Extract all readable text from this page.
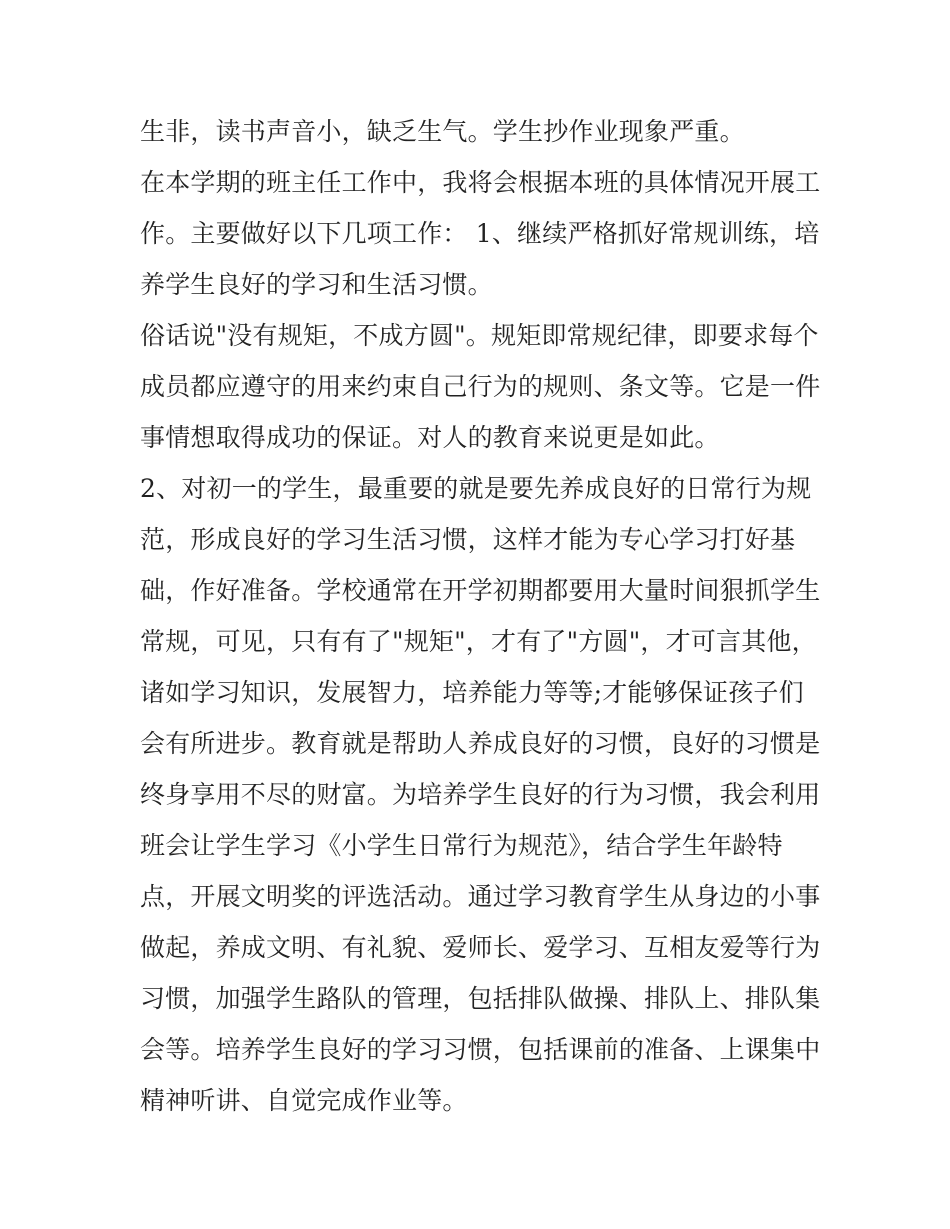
生非，读书声音小，缺乏生气。学生抄作业现象严重。
在本学期的班主任工作中，我将会根据本班的具体情况开展工
作。主要做好以下几项工作： 1、继续严格抓好常规训练，培
养学生良好的学习和生活习惯。
俗话说"没有规矩，不成方圆"。规矩即常规纪律，即要求每个
成员都应遵守的用来约束自己行为的规则、条文等。它是一件
事情想取得成功的保证。对人的教育来说更是如此。
2、对初一的学生，最重要的就是要先养成良好的日常行为规
范，形成良好的学习生活习惯，这样才能为专心学习打好基
础，作好准备。学校通常在开学初期都要用大量时间狠抓学生
常规，可见，只有有了"规矩"，才有了"方圆"，才可言其他，
诸如学习知识，发展智力，培养能力等等;才能够保证孩子们
会有所进步。教育就是帮助人养成良好的习惯，良好的习惯是
终身享用不尽的财富。为培养学生良好的行为习惯，我会利用
班会让学生学习《小学生日常行为规范》，结合学生年龄特
点，开展文明奖的评选活动。通过学习教育学生从身边的小事
做起，养成文明、有礼貌、爱师长、爱学习、互相友爱等行为
习惯，加强学生路队的管理，包括排队做操、排队上、排队集
会等。培养学生良好的学习习惯，包括课前的准备、上课集中
精神听讲、自觉完成作业等。
